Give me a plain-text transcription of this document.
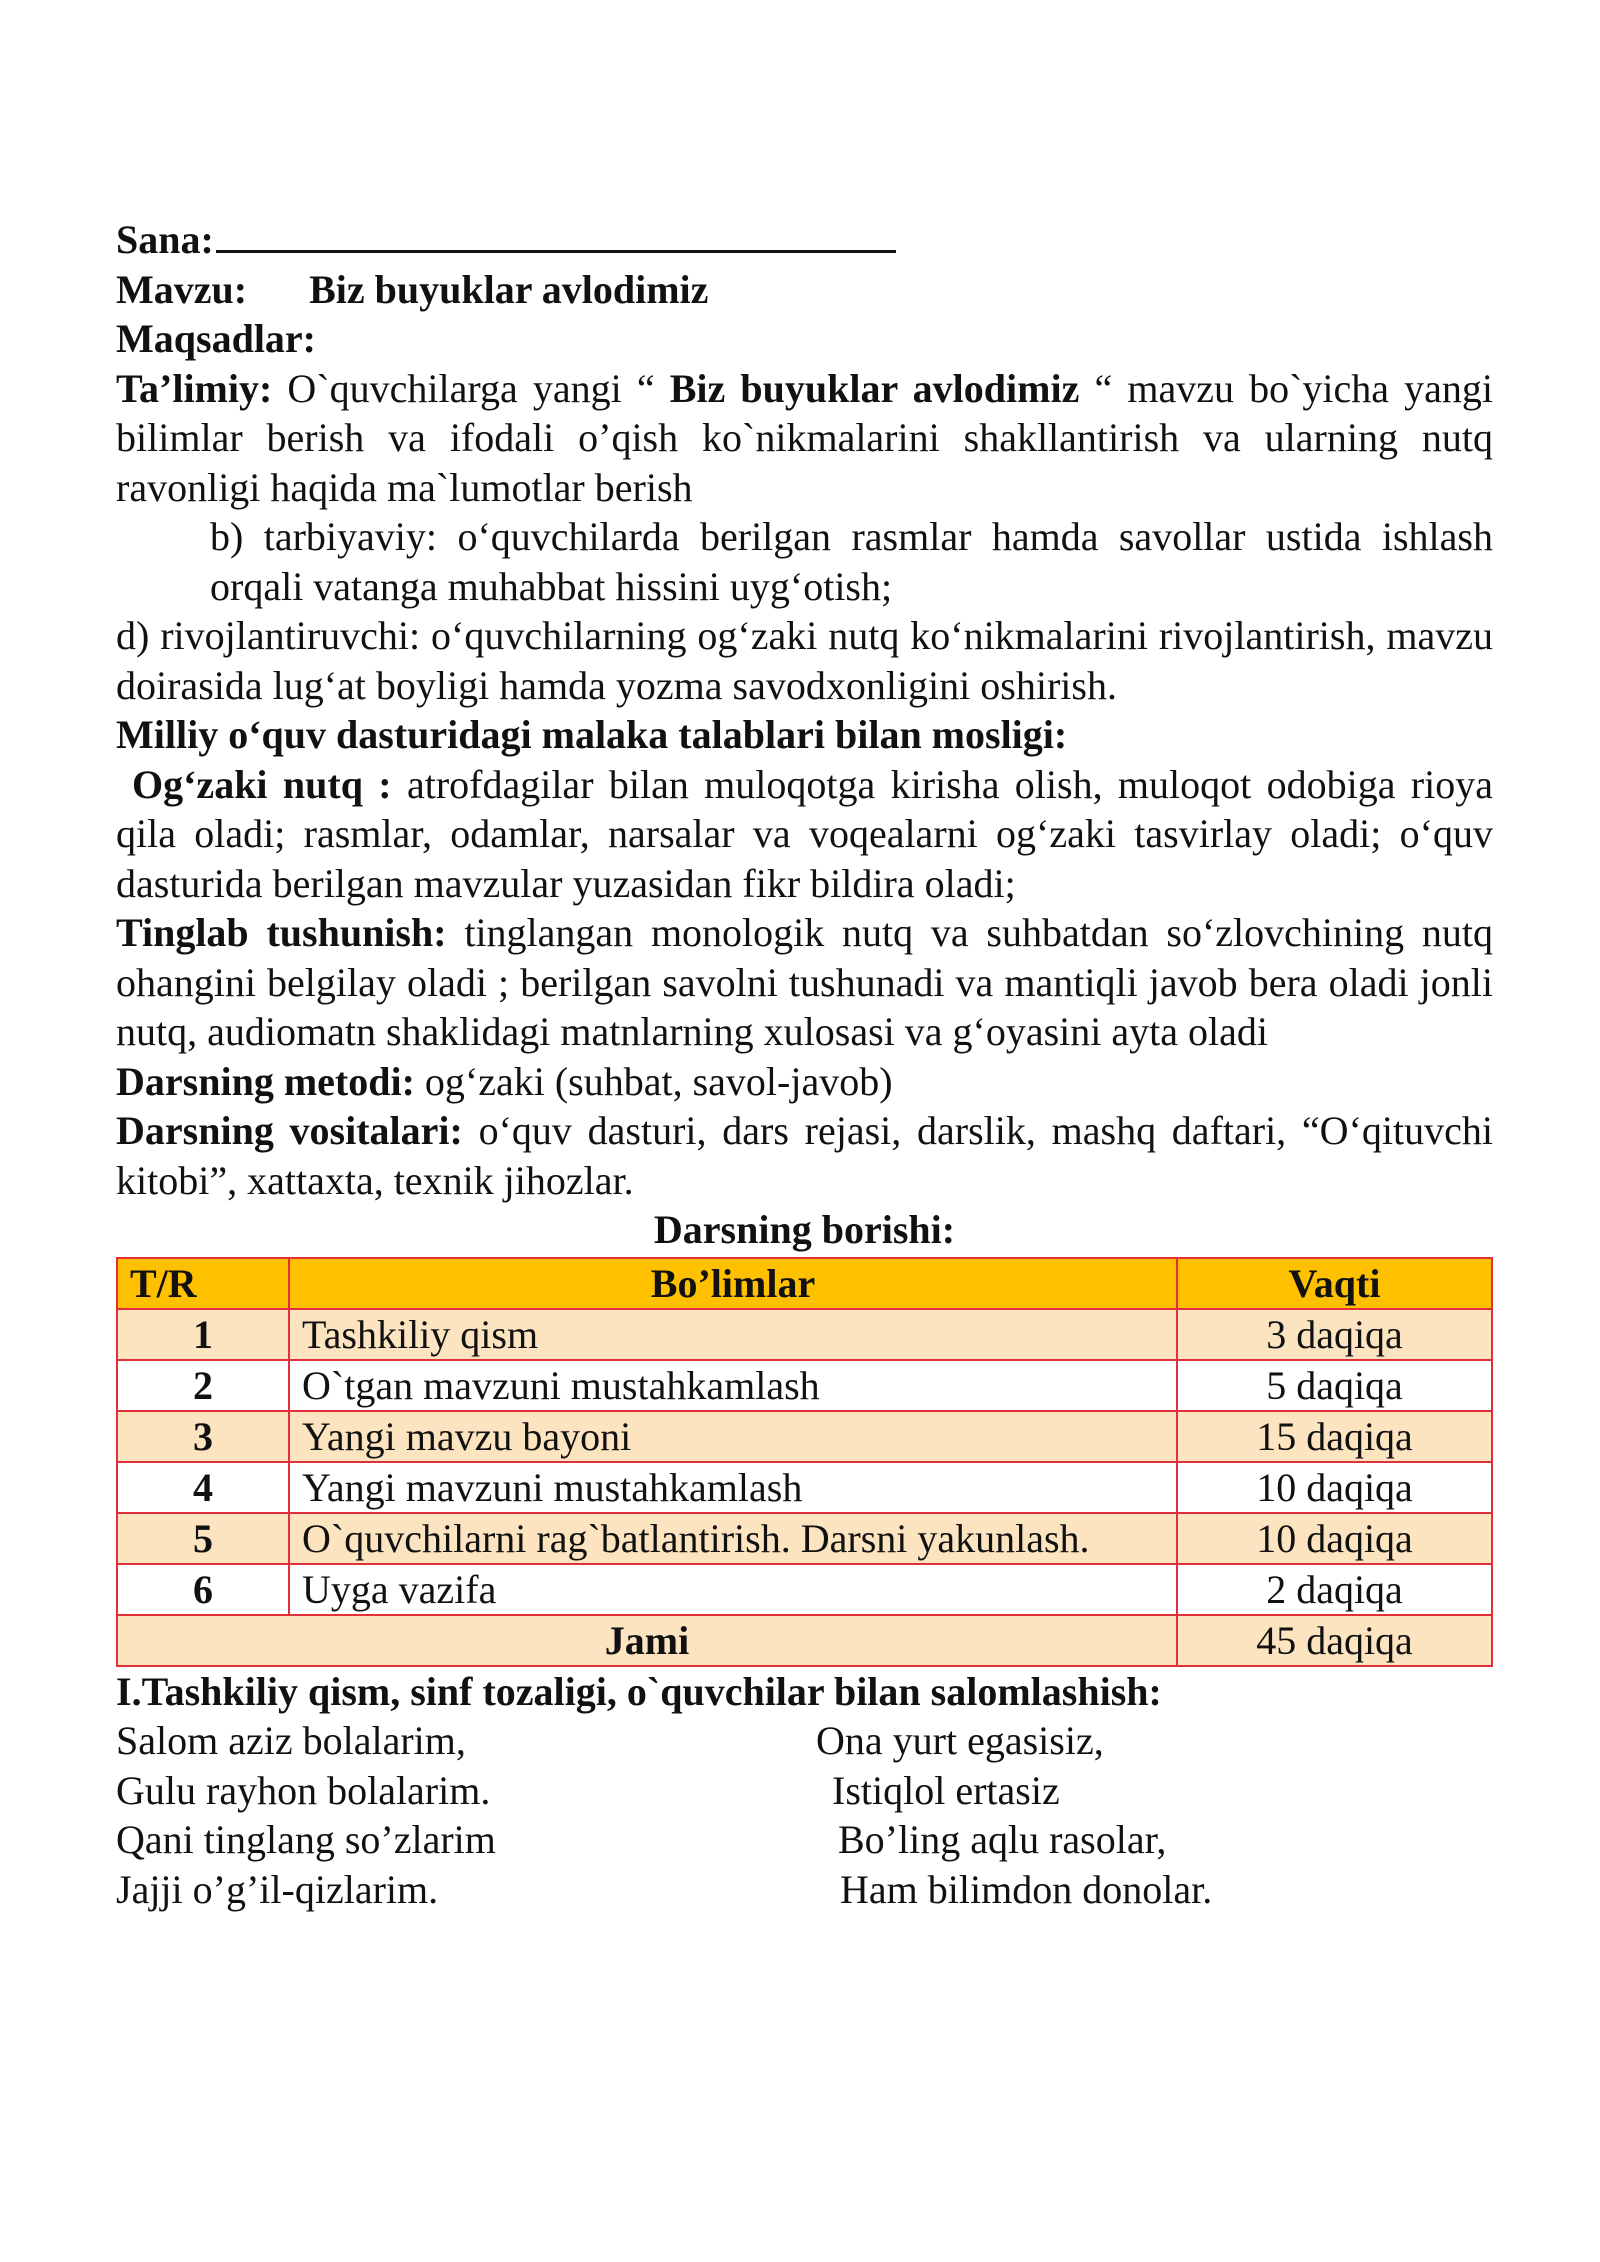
Sana:

Mavzu: Biz buyuklar avlodimiz

Maqsadlar:

Ta’limiy: O`quvchilarga yangi “ Biz buyuklar avlodimiz “ mavzu bo`yicha yangi bilimlar berish va ifodali o’qish ko`nikmalarini shakllantirish va ularning nutq ravonligi haqida ma`lumotlar berish

b) tarbiyaviy: o‘quvchilarda berilgan rasmlar hamda savollar ustida ishlash orqali vatanga muhabbat hissini uyg‘otish;

d) rivojlantiruvchi: o‘quvchilarning og‘zaki nutq ko‘nikmalarini rivojlantirish, mavzu doirasida lug‘at boyligi hamda yozma savodxonligini oshirish.

Milliy o‘quv dasturidagi malaka talablari bilan mosligi:

Og‘zaki nutq : atrofdagilar bilan muloqotga kirisha olish, muloqot odobiga rioya qila oladi; rasmlar, odamlar, narsalar va voqealarni og‘zaki tasvirlay oladi; o‘quv dasturida berilgan mavzular yuzasidan fikr bildira oladi;

Tinglab tushunish: tinglangan monologik nutq va suhbatdan so‘zlovchining nutq ohangini belgilay oladi ; berilgan savolni tushunadi va mantiqli javob bera oladi jonli nutq, audiomatn shaklidagi matnlarning xulosasi va g‘oyasini ayta oladi

Darsning metodi: og‘zaki (suhbat, savol-javob)

Darsning vositalari: o‘quv dasturi, dars rejasi, darslik, mashq daftari, “O‘qituvchi kitobi”, xattaxta, texnik jihozlar.

Darsning borishi:

T/R	Bo’limlar	Vaqti
1	Tashkiliy qism	3 daqiqa
2	O`tgan mavzuni mustahkamlash	5 daqiqa
3	Yangi mavzu bayoni	15 daqiqa
4	Yangi mavzuni mustahkamlash	10 daqiqa
5	O`quvchilarni rag`batlantirish. Darsni yakunlash.	10 daqiqa
6	Uyga vazifa	2 daqiqa
Jami		45 daqiqa

I.Tashkiliy qism, sinf tozaligi, o`quvchilar bilan salomlashish:

Salom aziz bolalarim,
Gulu rayhon bolalarim.
Qani tinglang so’zlarim
Jajji o’g’il-qizlarim.
Ona yurt egasisiz,
Istiqlol ertasiz
Bo’ling aqlu rasolar,
Ham bilimdon donolar.
